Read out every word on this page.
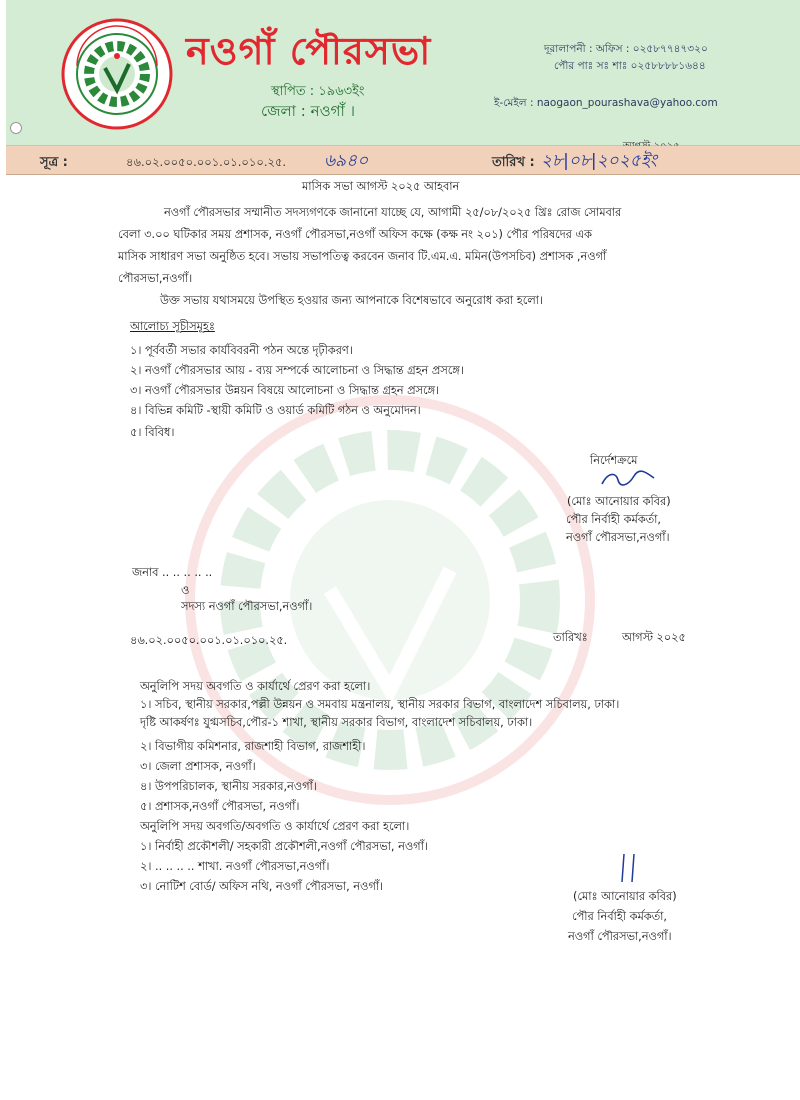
নওগাঁ পৌরসভা
স্থাপিত : ১৯৬৩ইং
জেলা : নওগাঁ ।
দূরালাপনী : অফিস : ০২৫৮৭৭৪৭৩২০
পৌর পাঃ সঃ শাঃ ০২৫৮৮৮৮১৬৪৪
ই-মেইল : naogaon_pourashava@yahoo.com
সূত্র :	৪৬.০২.০০৫০.০০১.০১.০১০.২৫. ৬৯৪০	তারিখ : ২৮|০৮|২০২৫ইং
মাসিক সভা আগস্ট ২০২৫ আহবান
নওগাঁ পৌরসভার সম্মানীত সদস্যগণকে জানানো যাচ্ছে যে, আগামী ২৫/০৮/২০২৫ খ্রিঃ রোজ সোমবার
বেলা ৩.০০ ঘটিকার সময় প্রশাসক, নওগাঁ পৌরসভা,নওগাঁ অফিস কক্ষে (কক্ষ নং ২০১) পৌর পরিষদের এক
মাসিক সাধারণ সভা অনুষ্ঠিত হবে। সভায় সভাপতিত্ব করবেন জনাব টি.এম.এ. মমিন(উপসচিব) প্রশাসক ,নওগাঁ
পৌরসভা,নওগাঁ।
উক্ত সভায় যথাসময়ে উপস্থিত হওয়ার জন্য আপনাকে বিশেষভাবে অনুরোধ করা হলো।
আলোচ্য সূচীসমূহঃ
১। পূর্ববর্তী সভার কার্যবিবরনী পঠন অন্তে দৃঢ়ীকরণ।
২। নওগাঁ পৌরসভার আয় - ব্যয় সম্পর্কে আলোচনা ও সিদ্ধান্ত গ্রহন প্রসঙ্গে।
৩। নওগাঁ পৌরসভার উন্নয়ন বিষয়ে আলোচনা ও সিদ্ধান্ত গ্রহন প্রসঙ্গে।
৪। বিভিন্ন কমিটি -স্থায়ী কমিটি ও ওয়ার্ড কমিটি গঠন ও অনুমোদন।
৫। বিবিধ।
নির্দেশক্রমে
(মোঃ আনোয়ার কবির)
পৌর নির্বাহী কর্মকর্তা,
নওগাঁ পৌরসভা,নওগাঁ।
জনাব .. .. .. .. ..
ও
সদস্য নওগাঁ পৌরসভা,নওগাঁ।
৪৬.০২.০০৫০.০০১.০১.০১০.২৫.	তারিখঃ	আগস্ট ২০২৫
অনুলিপি সদয় অবগতি ও কার্যার্থে প্রেরণ করা হলো।
১। সচিব, স্থানীয় সরকার,পল্লী উন্নয়ন ও সমবায় মন্ত্রনালয়, স্থানীয় সরকার বিভাগ, বাংলাদেশ সচিবালয়, ঢাকা।
দৃষ্টি আকর্ষণঃ যুগ্মসচিব,পৌর-১ শাখা, স্থানীয় সরকার বিভাগ, বাংলাদেশ সচিবালয়, ঢাকা।
২। বিভাগীয় কমিশনার, রাজশাহী বিভাগ, রাজশাহী।
৩। জেলা প্রশাসক, নওগাঁ।
৪। উপপরিচালক, স্থানীয় সরকার,নওগাঁ।
৫। প্রশাসক,নওগাঁ পৌরসভা, নওগাঁ।
অনুলিপি সদয় অবগতি/অবগতি ও কার্যার্থে প্রেরণ করা হলো।
১। নির্বাহী প্রকৌশলী/ সহকারী প্রকৌশলী,নওগাঁ পৌরসভা, নওগাঁ।
২। .. .. .. .. শাখা. নওগাঁ পৌরসভা,নওগাঁ।
৩। নোটিশ বোর্ড/ অফিস নথি, নওগাঁ পৌরসভা, নওগাঁ।
(মোঃ আনোয়ার কবির)
পৌর নির্বাহী কর্মকর্তা,
নওগাঁ পৌরসভা,নওগাঁ।
